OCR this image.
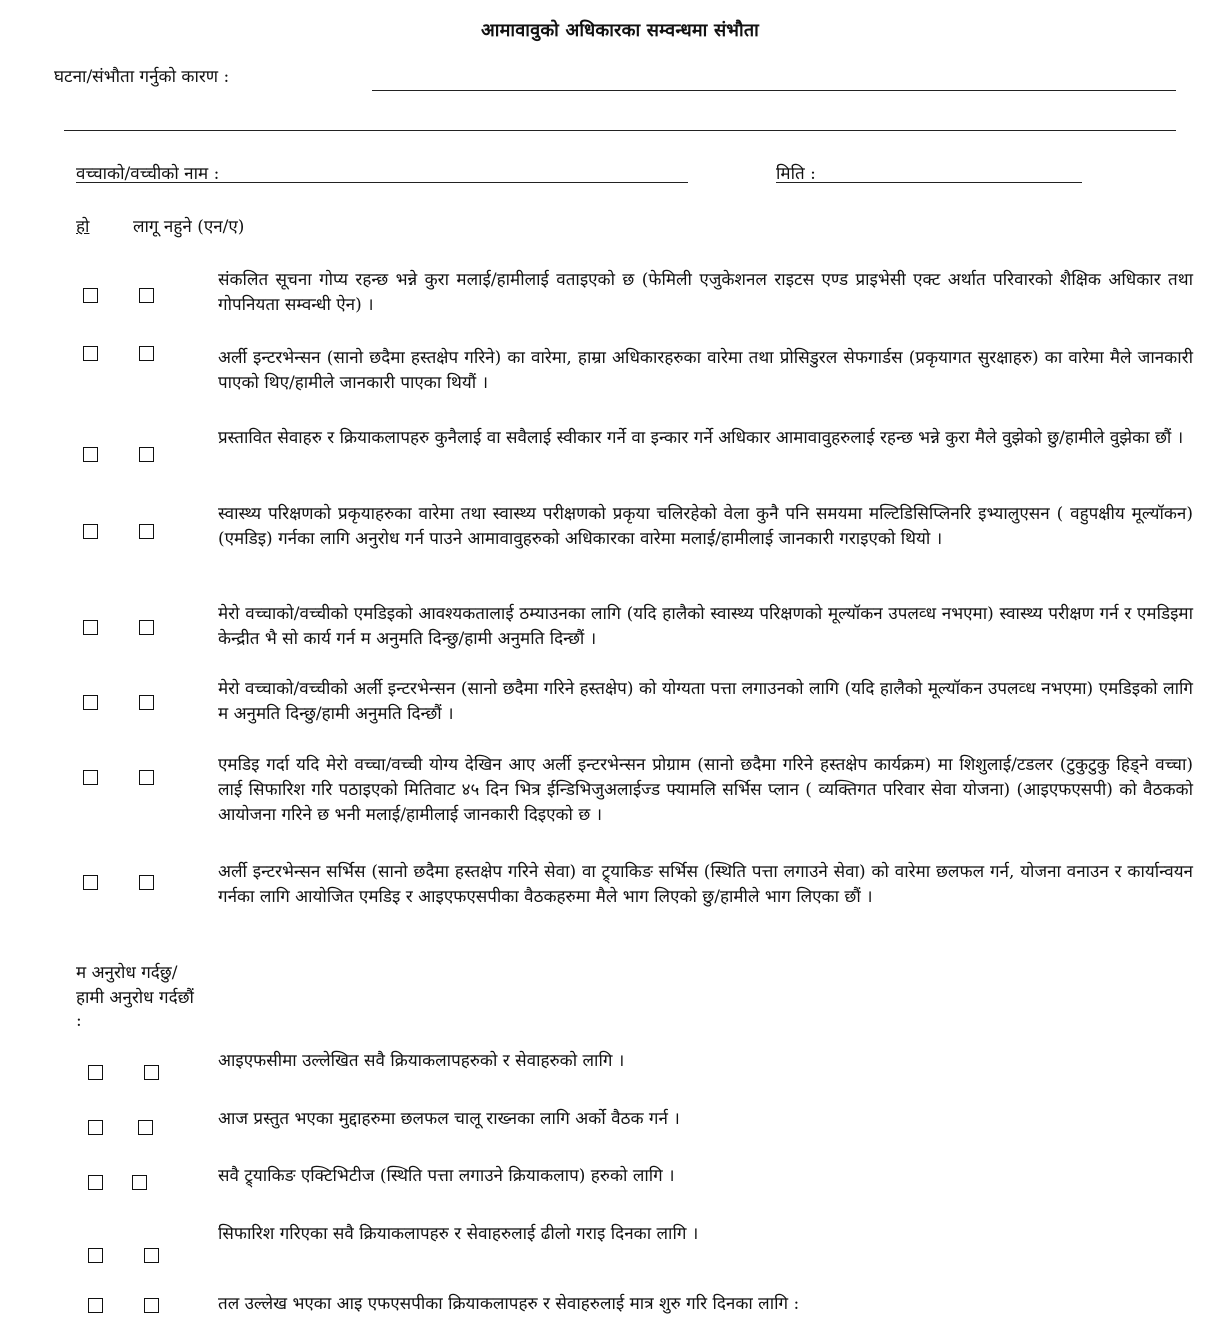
आमावावुको अधिकारका सम्वन्धमा संभौता
घटना/संभौता गर्नुको कारण :
वच्चाको/वच्चीको नाम :	मिति :
हो	लागू नहुने (एन/ए)
संकलित सूचना गोप्य रहन्छ भन्ने कुरा मलाई/हामीलाई वताइएको छ (फेमिली एजुकेशनल राइटस एण्ड प्राइभेसी एक्ट अर्थात परिवारको शैक्षिक अधिकार तथा गोपनियता सम्वन्धी ऐन) ।
अर्ली इन्टरभेन्सन (सानो छदैमा हस्तक्षेप गरिने) का वारेमा, हाम्रा अधिकारहरुका वारेमा तथा प्रोसिडुरल सेफगार्डस (प्रकृयागत सुरक्षाहरु) का वारेमा मैले जानकारी पाएको थिए/हामीले जानकारी पाएका थियौं ।
प्रस्तावित सेवाहरु र क्रियाकलापहरु कुनैलाई वा सवैलाई स्वीकार गर्ने वा इन्कार गर्ने अधिकार आमावावुहरुलाई रहन्छ भन्ने कुरा मैले वुझेको छु/हामीले वुझेका छौं ।
स्वास्थ्य परिक्षणको प्रकृयाहरुका वारेमा तथा स्वास्थ्य परीक्षणको प्रकृया चलिरहेको वेला कुनै पनि समयमा मल्टिडिसिप्लिनरि इभ्यालुएसन ( वहुपक्षीय मूल्यॉकन) (एमडिइ) गर्नका लागि अनुरोध गर्न पाउने आमावावुहरुको अधिकारका वारेमा मलाई/हामीलाई जानकारी गराइएको थियो ।
मेरो वच्चाको/वच्चीको एमडिइको आवश्यकतालाई ठम्याउनका लागि (यदि हालैको स्वास्थ्य परिक्षणको मूल्यॉकन उपलव्ध नभएमा) स्वास्थ्य परीक्षण गर्न र एमडिइमा केन्द्रीत भै सो कार्य गर्न म अनुमति दिन्छु/हामी अनुमति दिन्छौं ।
मेरो वच्चाको/वच्चीको अर्ली इन्टरभेन्सन (सानो छदैमा गरिने हस्तक्षेप) को योग्यता पत्ता लगाउनको लागि (यदि हालैको मूल्यॉकन उपलव्ध नभएमा) एमडिइको लागि म अनुमति दिन्छु/हामी अनुमति दिन्छौं ।
एमडिइ गर्दा यदि मेरो वच्चा/वच्ची योग्य देखिन आए अर्ली इन्टरभेन्सन प्रोग्राम (सानो छदैमा गरिने हस्तक्षेप कार्यक्रम) मा शिशुलाई/टडलर (टुकुटुकु हिड्ने वच्चा) लाई सिफारिश गरि पठाइएको मितिवाट ४५ दिन भित्र ईन्डिभिजुअलाईज्ड फ्यामलि सर्भिस प्लान ( व्यक्तिगत परिवार सेवा योजना) (आइएफएसपी) को वैठकको आयोजना गरिने छ भनी मलाई/हामीलाई जानकारी दिइएको छ ।
अर्ली इन्टरभेन्सन सर्भिस (सानो छदैमा हस्तक्षेप गरिने सेवा) वा ट्र्याकिङ सर्भिस (स्थिति पत्ता लगाउने सेवा) को वारेमा छलफल गर्न, योजना वनाउन र कार्यान्वयन गर्नका लागि आयोजित एमडिइ र आइएफएसपीका वैठकहरुमा मैले भाग लिएको छु/हामीले भाग लिएका छौं ।
म अनुरोध गर्दछु/
हामी अनुरोध गर्दछौं
:
आइएफसीमा उल्लेखित सवै क्रियाकलापहरुको र सेवाहरुको लागि ।
आज प्रस्तुत भएका मुद्दाहरुमा छलफल चालू राख्नका लागि अर्को वैठक गर्न ।
सवै ट्र्याकिङ एक्टिभिटीज (स्थिति पत्ता लगाउने क्रियाकलाप) हरुको लागि ।
सिफारिश गरिएका सवै क्रियाकलापहरु र सेवाहरुलाई ढीलो गराइ दिनका लागि ।
तल उल्लेख भएका आइ एफएसपीका क्रियाकलापहरु र सेवाहरुलाई मात्र शुरु गरि दिनका लागि :
